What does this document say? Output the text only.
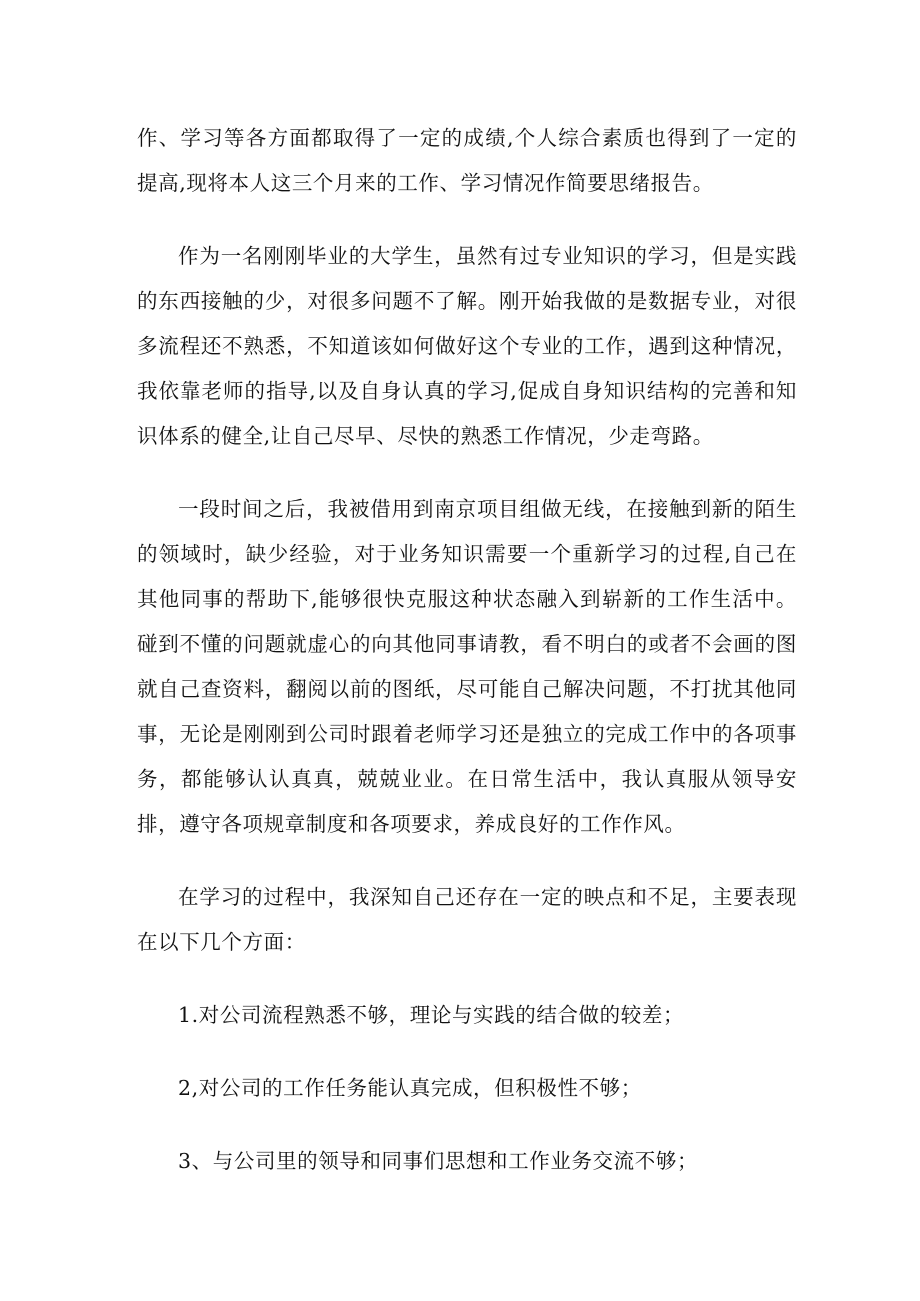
作、学习等各方面都取得了一定的成绩,个人综合素质也得到了一定的提高,现将本人这三个月来的工作、学习情况作简要思绪报告。

作为一名刚刚毕业的大学生，虽然有过专业知识的学习，但是实践的东西接触的少，对很多问题不了解。刚开始我做的是数据专业，对很多流程还不熟悉，不知道该如何做好这个专业的工作，遇到这种情况，我依靠老师的指导,以及自身认真的学习,促成自身知识结构的完善和知识体系的健全,让自己尽早、尽快的熟悉工作情况，少走弯路。

一段时间之后，我被借用到南京项目组做无线，在接触到新的陌生的领域时，缺少经验，对于业务知识需要一个重新学习的过程,自己在其他同事的帮助下,能够很快克服这种状态融入到崭新的工作生活中。碰到不懂的问题就虚心的向其他同事请教，看不明白的或者不会画的图就自己查资料，翻阅以前的图纸，尽可能自己解决问题，不打扰其他同事，无论是刚刚到公司时跟着老师学习还是独立的完成工作中的各项事务，都能够认认真真，兢兢业业。在日常生活中，我认真服从领导安排，遵守各项规章制度和各项要求，养成良好的工作作风。

在学习的过程中，我深知自己还存在一定的映点和不足，主要表现在以下几个方面：

1.对公司流程熟悉不够，理论与实践的结合做的较差；

2,对公司的工作任务能认真完成，但积极性不够；

3、与公司里的领导和同事们思想和工作业务交流不够；
